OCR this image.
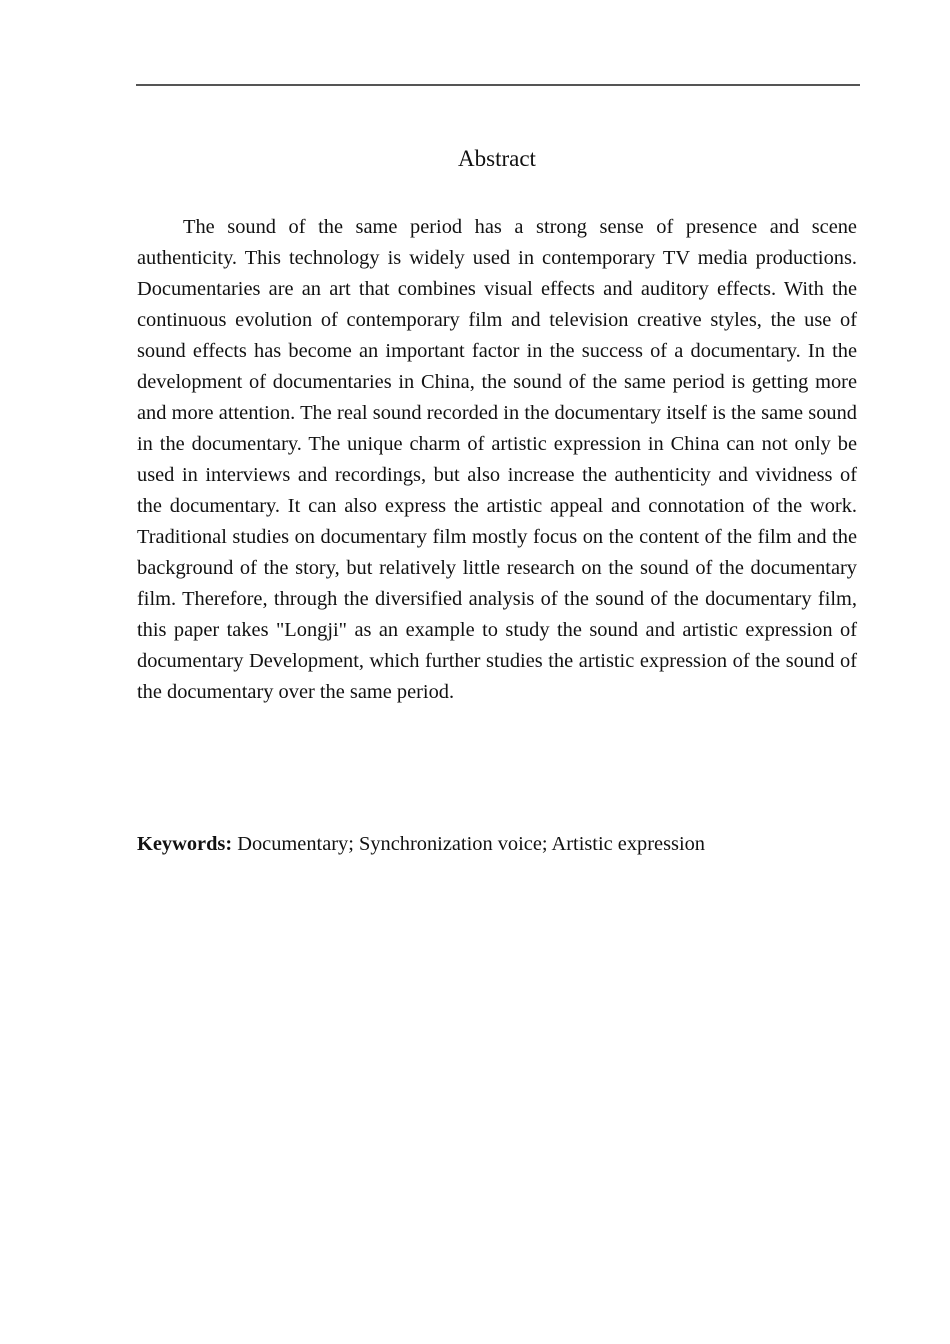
Abstract

The sound of the same period has a strong sense of presence and scene authenticity. This technology is widely used in contemporary TV media productions. Documentaries are an art that combines visual effects and auditory effects. With the continuous evolution of contemporary film and television creative styles, the use of sound effects has become an important factor in the success of a documentary. In the development of documentaries in China, the sound of the same period is getting more and more attention. The real sound recorded in the documentary itself is the same sound in the documentary. The unique charm of artistic expression in China can not only be used in interviews and recordings, but also increase the authenticity and vividness of the documentary. It can also express the artistic appeal and connotation of the work. Traditional studies on documentary film mostly focus on the content of the film and the background of the story, but relatively little research on the sound of the documentary film. Therefore, through the diversified analysis of the sound of the documentary film, this paper takes "Longji" as an example to study the sound and artistic expression of documentary Development, which further studies the artistic expression of the sound of the documentary over the same period.

Keywords: Documentary; Synchronization voice; Artistic expression
